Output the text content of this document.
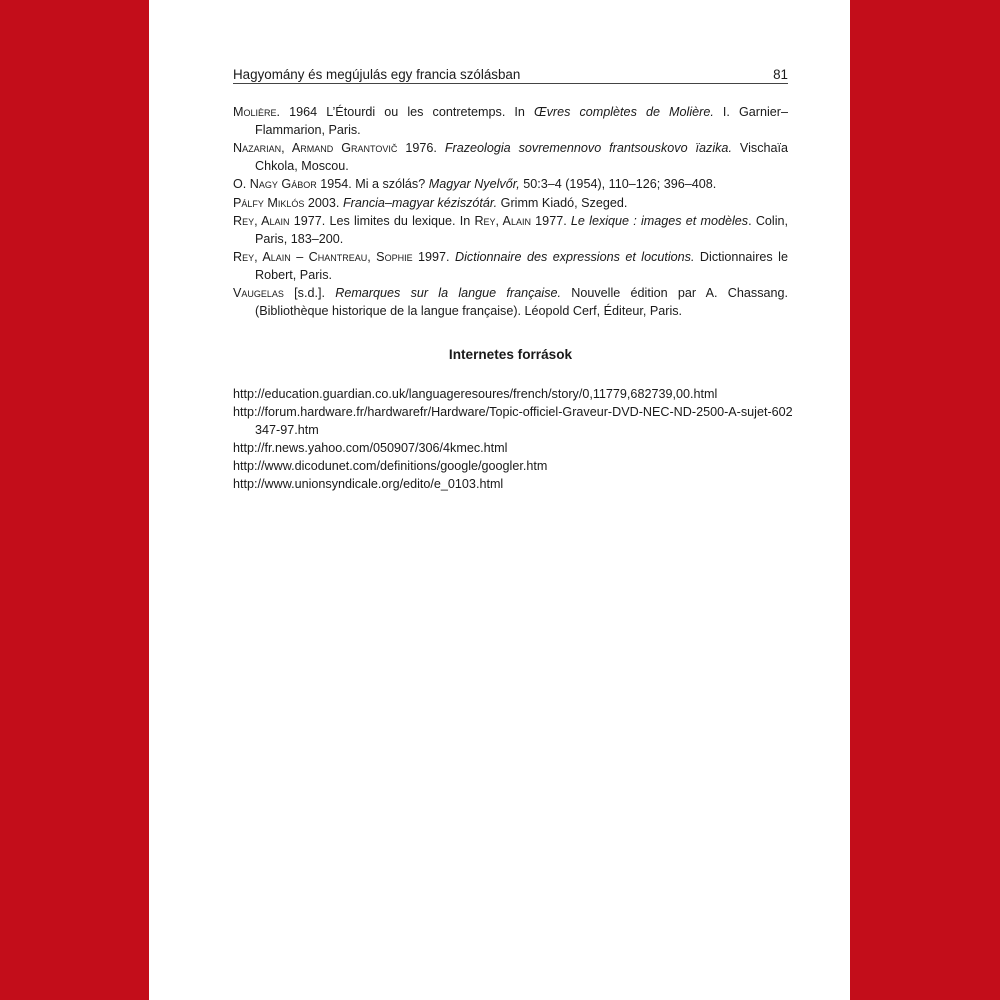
Hagyomány és megújulás egy francia szólásban	81
Molière. 1964 L’Étourdi ou les contretemps. In Œvres complètes de Molière. I. Garnier–Flammarion, Paris.
Nazarian, Armand Grantovič 1976. Frazeologia sovremennovo frantsouskovo ïazika. Vischaïa Chkola, Moscou.
O. Nagy Gábor 1954. Mi a szólás? Magyar Nyelvőr, 50:3–4 (1954), 110–126; 396–408.
Pálfy Miklós 2003. Francia–magyar kéziszótár. Grimm Kiadó, Szeged.
Rey, Alain 1977. Les limites du lexique. In Rey, Alain 1977. Le lexique : images et modèles. Colin, Paris, 183–200.
Rey, Alain – Chantreau, Sophie 1997. Dictionnaire des expressions et locutions. Dictionnaires le Robert, Paris.
Vaugelas [s.d.]. Remarques sur la langue française. Nouvelle édition par A. Chassang. (Bibliothèque historique de la langue française). Léopold Cerf, Éditeur, Paris.
Internetes források
http://education.guardian.co.uk/languageresoures/french/story/0,11779,682739,00.html
http://forum.hardware.fr/hardwarefr/Hardware/Topic-officiel-Graveur-DVD-NEC-ND-2500-A-sujet-602347-97.htm
http://fr.news.yahoo.com/050907/306/4kmec.html
http://www.dicodunet.com/definitions/google/googler.htm
http://www.unionsyndicale.org/edito/e_0103.html
